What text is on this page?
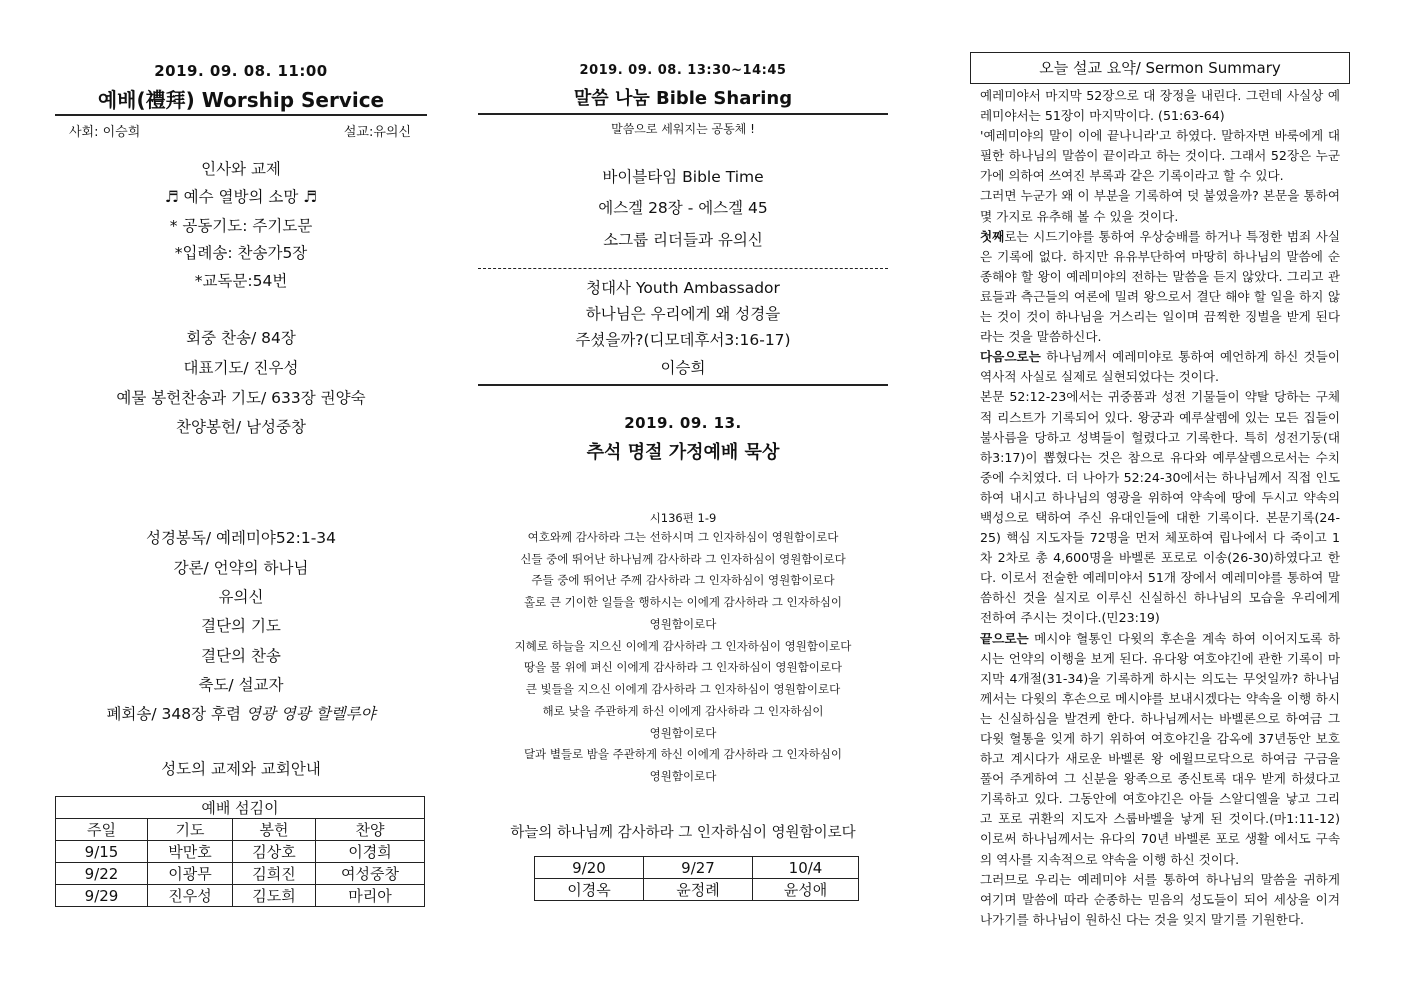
2019. 09. 08. 11:00
예배(禮拜) Worship Service
사회: 이승희	설교:유의신
인사와 교제
♬ 예수 열방의 소망 ♬
* 공동기도: 주기도문
*입례송: 찬송가5장
*교독문:54번
회중 찬송/ 84장
대표기도/ 진우성
예물 봉헌찬송과 기도/ 633장 권양숙
찬양봉헌/ 남성중창
성경봉독/ 예레미야52:1-34
강론/ 언약의 하나님
유의신
결단의 기도
결단의 찬송
축도/ 설교자
폐회송/ 348장 후렴 영광 영광 할렐루야
성도의 교제와 교회안내
예배 섬김이			
주일	기도	봉헌	찬양
9/15	박만호	김상호	이경희
9/22	이광무	김희진	여성중창
9/29	진우성	김도희	마리아
2019. 09. 08. 13:30~14:45
말씀 나눔 Bible Sharing
말씀으로 세워지는 공동체 !
바이블타임 Bible Time
에스겔 28장 - 에스겔 45
소그룹 리더들과 유의신
청대사 Youth Ambassador
하나님은 우리에게 왜 성경을
주셨을까?(디모데후서3:16-17)
이승희
2019. 09. 13.
추석 명절 가정예배 묵상
시136편 1-9
여호와께 감사하라 그는 선하시며 그 인자하심이 영원함이로다
신들 중에 뛰어난 하나님께 감사하라 그 인자하심이 영원함이로다
주들 중에 뛰어난 주께 감사하라 그 인자하심이 영원함이로다
홀로 큰 기이한 일들을 행하시는 이에게 감사하라 그 인자하심이
영원함이로다
지혜로 하늘을 지으신 이에게 감사하라 그 인자하심이 영원함이로다
땅을 물 위에 펴신 이에게 감사하라 그 인자하심이 영원함이로다
큰 빛들을 지으신 이에게 감사하라 그 인자하심이 영원함이로다
해로 낮을 주관하게 하신 이에게 감사하라 그 인자하심이
영원함이로다
달과 별들로 밤을 주관하게 하신 이에게 감사하라 그 인자하심이
영원함이로다
하늘의 하나님께 감사하라 그 인자하심이 영원함이로다
9/20	9/27	10/4
이경옥	윤정례	윤성애
오늘 설교 요약/ Sermon Summary

예레미야서 마지막 52장으로 대 장정을 내린다. 그런데 사실상 예레미야서는 51장이 마지막이다. (51:63-64)

'예레미야의 말이 이에 끝나니라'고 하였다. 말하자면 바룩에게 대필한 하나님의 말씀이 끝이라고 하는 것이다. 그래서 52장은 누군가에 의하여 쓰여진 부록과 같은 기록이라고 할 수 있다.

그러면 누군가 왜 이 부분을 기록하여 덧 붙였을까? 본문을 통하여 몇 가지로 유추해 볼 수 있을 것이다.

첫째로는 시드기야를 통하여 우상숭배를 하거나 특정한 범죄 사실은 기록에 없다. 하지만 유유부단하여 마땅히 하나님의 말씀에 순종해야 할 왕이 예레미야의 전하는 말씀을 듣지 않았다. 그리고 관료들과 측근들의 여론에 밀려 왕으로서 결단 해야 할 일을 하지 않는 것이 것이 하나님을 거스리는 일이며 끔찍한 징벌을 받게 된다 라는 것을 말씀하신다.

다음으로는 하나님께서 예레미야로 통하여 예언하게 하신 것들이 역사적 사실로 실제로 실현되었다는 것이다.

본문 52:12-23에서는 귀중품과 성전 기물들이 약탈 당하는 구체적 리스트가 기록되어 있다. 왕궁과 예루살렘에 있는 모든 집들이 불사름을 당하고 성벽들이 헐렸다고 기록한다. 특히 성전기둥(대하3:17)이 뽑혔다는 것은 참으로 유다와 예루살렘으로서는 수치중에 수치였다. 더 나아가 52:24-30에서는 하나님께서 직접 인도하여 내시고 하나님의 영광을 위하여 약속에 땅에 두시고 약속의 백성으로 택하여 주신 유대인들에 대한 기록이다. 본문기록(24-25) 핵심 지도자들 72명을 먼저 체포하여 립나에서 다 죽이고 1차 2차로 총 4,600명을 바벨론 포로로 이송(26-30)하였다고 한다. 이로서 전술한 예레미야서 51개 장에서 예레미야를 통하여 말씀하신 것을 실지로 이루신 신실하신 하나님의 모습을 우리에게 전하여 주시는 것이다.(민23:19)

끝으로는 메시야 혈통인 다윗의 후손을 계속 하여 이어지도록 하시는 언약의 이행을 보게 된다. 유다왕 여호야긴에 관한 기록이 마지막 4개절(31-34)을 기록하게 하시는 의도는 무엇일까? 하나님께서는 다윗의 후손으로 메시야를 보내시겠다는 약속을 이행 하시는 신실하심을 발견케 한다. 하나님께서는 바벨론으로 하여금 그 다윗 혈통을 잊게 하기 위하여 여호야긴을 감옥에 37년동안 보호하고 계시다가 새로운 바벨론 왕 에윌므로닥으로 하여금 구금을 풀어 주게하여 그 신분을 왕족으로 종신토록 대우 받게 하셨다고 기록하고 있다. 그동안에 여호야긴은 아들 스알디엘을 낳고 그리고 포로 귀환의 지도자 스룹바벨을 낳게 된 것이다.(마1:11-12) 이로써 하나님께서는 유다의 70년 바벨론 포로 생활 에서도 구속의 역사를 지속적으로 약속을 이행 하신 것이다.

그러므로 우리는 예레미야 서를 통하여 하나님의 말씀을 귀하게 여기며 말씀에 따라 순종하는 믿음의 성도들이 되어 세상을 이겨 나가기를 하나님이 원하신 다는 것을 잊지 말기를 기원한다.
